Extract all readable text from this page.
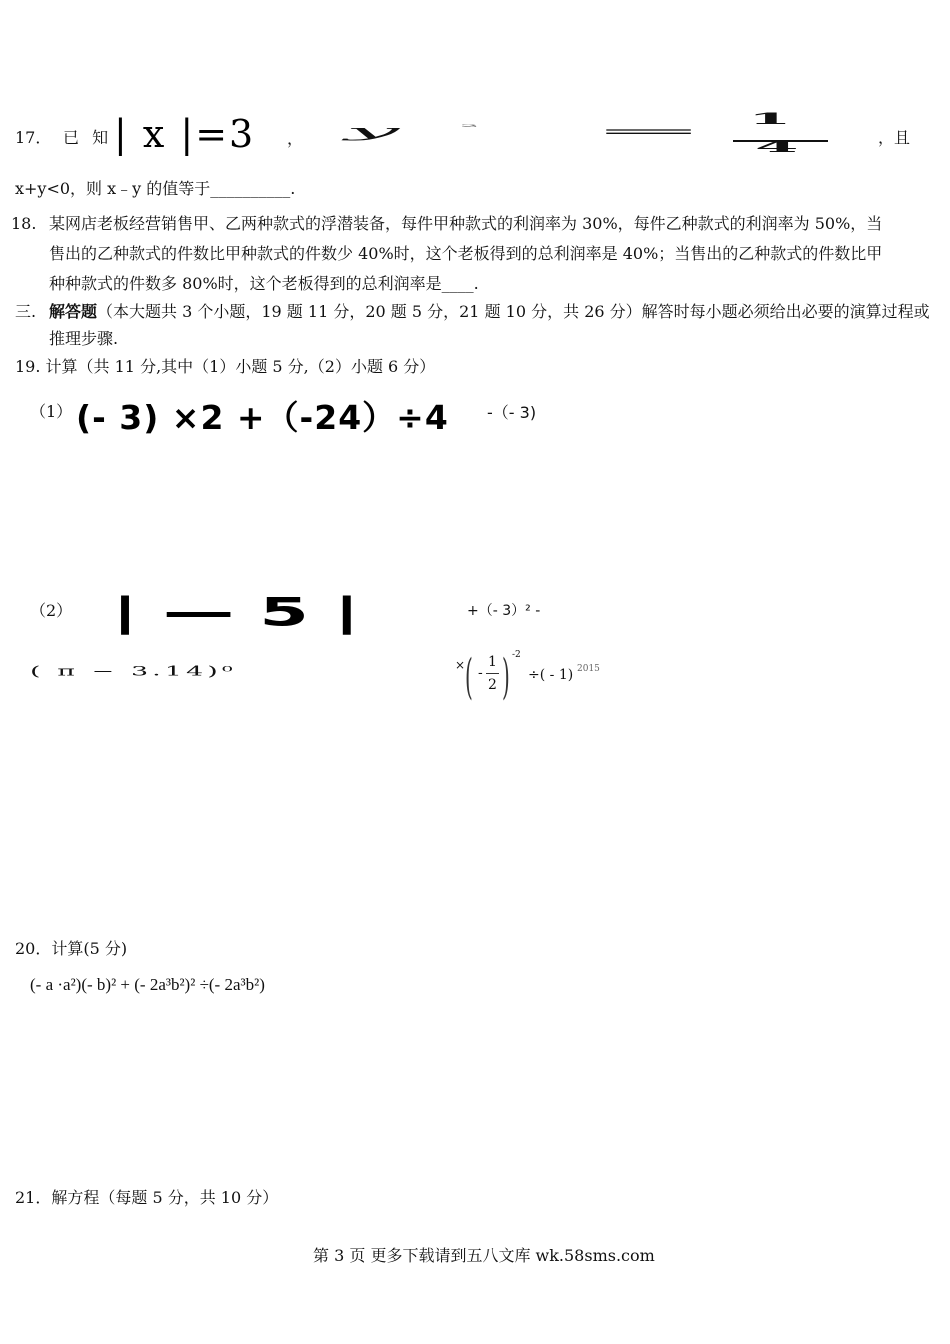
17． 已 知 | x |=3 ， y	2	=
1
4	，且
x+y<0，则 x﹣y 的值等于__________.
18. 某网店老板经营销售甲、乙两种款式的浮潜装备，每件甲种款式的利润率为 30%，每件乙种款式的利润率为 50%，当
售出的乙种款式的件数比甲种款式的件数少 40%时，这个老板得到的总利润率是 40%；当售出的乙种款式的件数比甲
种种款式的件数多 80%时，这个老板得到的总利润率是____.
三. 解答题 （本大题共 3 个小题，19 题 11 分，20 题 5 分，21 题 10 分，共 26 分）解答时每小题必须给出必要的演算过程或
推理步骤.
19. 计算（共 11 分,其中（1）小题 5 分,（2）小题 6 分）
（1） (- 3) ×2 +（-24）÷4 -（- 3)
（2） | — 5 |	+（- 3）² -
( π − 3.14)⁰	× ( -
1
2 ) -2
÷( - 1) 2015
20．计算(5 分)
(- a ·a²)(- b)² + (- 2a³b²)² ÷(- 2a³b²)
21．解方程（每题 5 分，共 10 分）
第 3 页 更多下载请到五八文库 wk.58sms.com
